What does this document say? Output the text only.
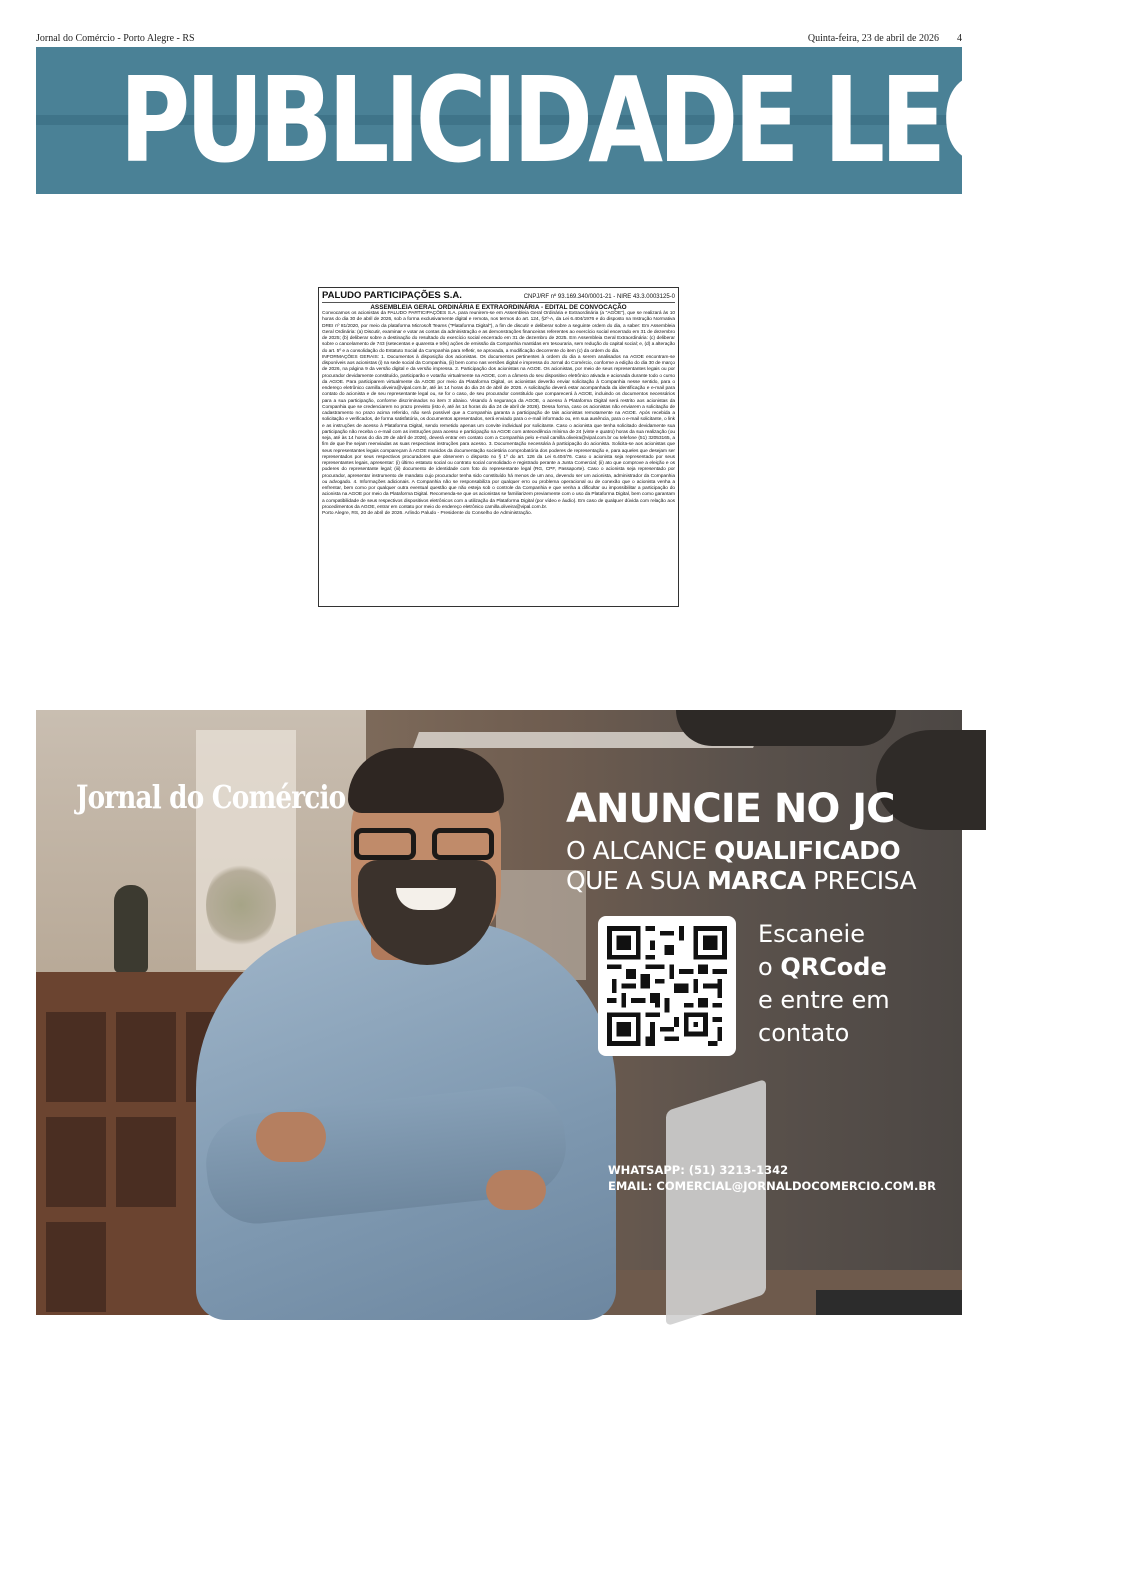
Jornal do Comércio - Porto Alegre - RS	Quinta-feira, 23 de abril de 2026 4
PUBLICIDADE LEGAL
PALUDO PARTICIPAÇÕES S.A.	CNPJ/RF nº 93.169.340/0001-21 - NIRE 43.3.0003125-0
ASSEMBLEIA GERAL ORDINÁRIA E EXTRAORDINÁRIA - EDITAL DE CONVOCAÇÃO

Convocamos os acionistas da PALUDO PARTICIPAÇÕES S.A. para reunirem-se em Assembleia Geral Ordinária e Extraordinária (a "AGOE"), que se realizará às 10 horas do dia 30 de abril de 2026, sob a forma exclusivamente digital e remota, nos termos do art. 124, §2º-A, da Lei 6.404/1976 e do disposto na Instrução Normativa DREI nº 81/2020, por meio da plataforma Microsoft Teams ("Plataforma Digital"), a fim de discutir e deliberar sobre a seguinte ordem do dia, a saber: Em Assembleia Geral Ordinária: (a) Discutir, examinar e votar as contas da administração e as demonstrações financeiras referentes ao exercício social encerrado em 31 de dezembro de 2025; (b) deliberar sobre a destinação do resultado do exercício social encerrado em 31 de dezembro de 2025. Em Assembleia Geral Extraordinária: (c) deliberar sobre o cancelamento de 743 (setecentas e quarenta e três) ações de emissão da Companhia mantidas em tesouraria, sem redução do capital social; e, (d) a alteração do art. 5º e a consolidação do Estatuto Social da Companhia para refletir, se aprovada, a modificação decorrente do item (c) da ordem do dia.

INFORMAÇÕES GERAIS: 1. Documentos à disposição dos acionistas. Os documentos pertinentes à ordem do dia a serem analisados na AGOE encontram-se disponíveis aos acionistas (i) na sede social da Companhia, (ii) bem como nas versões digital e impressa do Jornal do Comércio, conforme a edição do dia 30 de março de 2026, na página 9 da versão digital e da versão impressa. 2. Participação dos acionistas na AGOE. Os acionistas, por meio de seus representantes legais ou por procurador devidamente constituído, participarão e votarão virtualmente na AGOE, com a câmera do seu dispositivo eletrônico ativada e acionada durante todo o curso da AGOE. Para participarem virtualmente da AGOE por meio da Plataforma Digital, os acionistas deverão enviar solicitação à Companhia nesse sentido, para o endereço eletrônico camilla.oliveira@vipal.com.br, até às 14 horas do dia 24 de abril de 2026. A solicitação deverá estar acompanhada da identificação e e-mail para contato do acionista e de seu representante legal ou, se for o caso, de seu procurador constituído que comparecerá à AGOE, incluindo os documentos necessários para a sua participação, conforme discriminados no item 3 abaixo. Visando à segurança da AGOE, o acesso à Plataforma Digital será restrito aos acionistas da Companhia que se credenciarem no prazo previsto (isto é, até às 14 horas do dia 24 de abril de 2026). Dessa forma, caso os acionistas não enviarem a solicitação de cadastramento no prazo acima referido, não será possível que a Companhia garanta a participação de tais acionistas remotamente na AGOE. Após recebida a solicitação e verificados, de forma satisfatória, os documentos apresentados, será enviado para o e-mail informado ou, em sua ausência, para o e-mail solicitante, o link e as instruções de acesso à Plataforma Digital, sendo remetido apenas um convite individual por solicitante. Caso o acionista que tenha solicitado devidamente sua participação não receba o e-mail com as instruções para acesso e participação na AGOE com antecedência mínima de 24 (vinte e quatro) horas da sua realização (ou seja, até às 14 horas do dia 29 de abril de 2026), deverá entrar em contato com a Companhia pelo e-mail camilla.oliveira@vipal.com.br ou telefone (51) 32053165, a fim de que lhe sejam reenviadas as suas respectivas instruções para acesso. 3. Documentação necessária à participação do acionista. Solicita-se aos acionistas que seus representantes legais compareçam à AGOE munidos da documentação societária comprobatória dos poderes de representação e, para aqueles que desejam ser representados por seus respectivos procuradores que observem o disposto no § 1º do art. 126 da Lei 6.404/76. Caso o acionista seja representado por seus representantes legais, apresentar: (i) último estatuto social ou contrato social consolidado e registrado perante a Junta Comercial; (ii) ato que comprove a eleição e os poderes do representante legal; (iii) documento de identidade com foto do representante legal (RG, CPF, Passaporte). Caso o acionista seja representado por procurador, apresentar instrumento de mandato cujo procurador tenha sido constituído há menos de um ano, devendo ser um acionista, administrador da Companhia ou advogado. 4. Informações adicionais. A Companhia não se responsabiliza por qualquer erro ou problema operacional ou de conexão que o acionista venha a enfrentar, bem como por qualquer outra eventual questão que não esteja sob o controle da Companhia e que venha a dificultar ou impossibilitar a participação do acionista na AGOE por meio da Plataforma Digital. Recomenda-se que os acionistas se familiarizem previamente com o uso da Plataforma Digital, bem como garantam a compatibilidade de seus respectivos dispositivos eletrônicos com a utilização da Plataforma Digital (por vídeo e áudio). Em caso de qualquer dúvida com relação aos procedimentos da AGOE, entrar em contato por meio do endereço eletrônico camilla.oliveira@vipal.com.br.

Porto Alegre, RS, 20 de abril de 2026. Arlindo Paludo - Presidente do Conselho de Administração.
Jornal do Comércio	ANUNCIE NO JC
O ALCANCE QUALIFICADO
QUE A SUA MARCA PRECISA
Escaneie
o QRCode
e entre em
contato
WHATSAPP: (51) 3213-1342
EMAIL: COMERCIAL@JORNALDOCOMERCIO.COM.BR
